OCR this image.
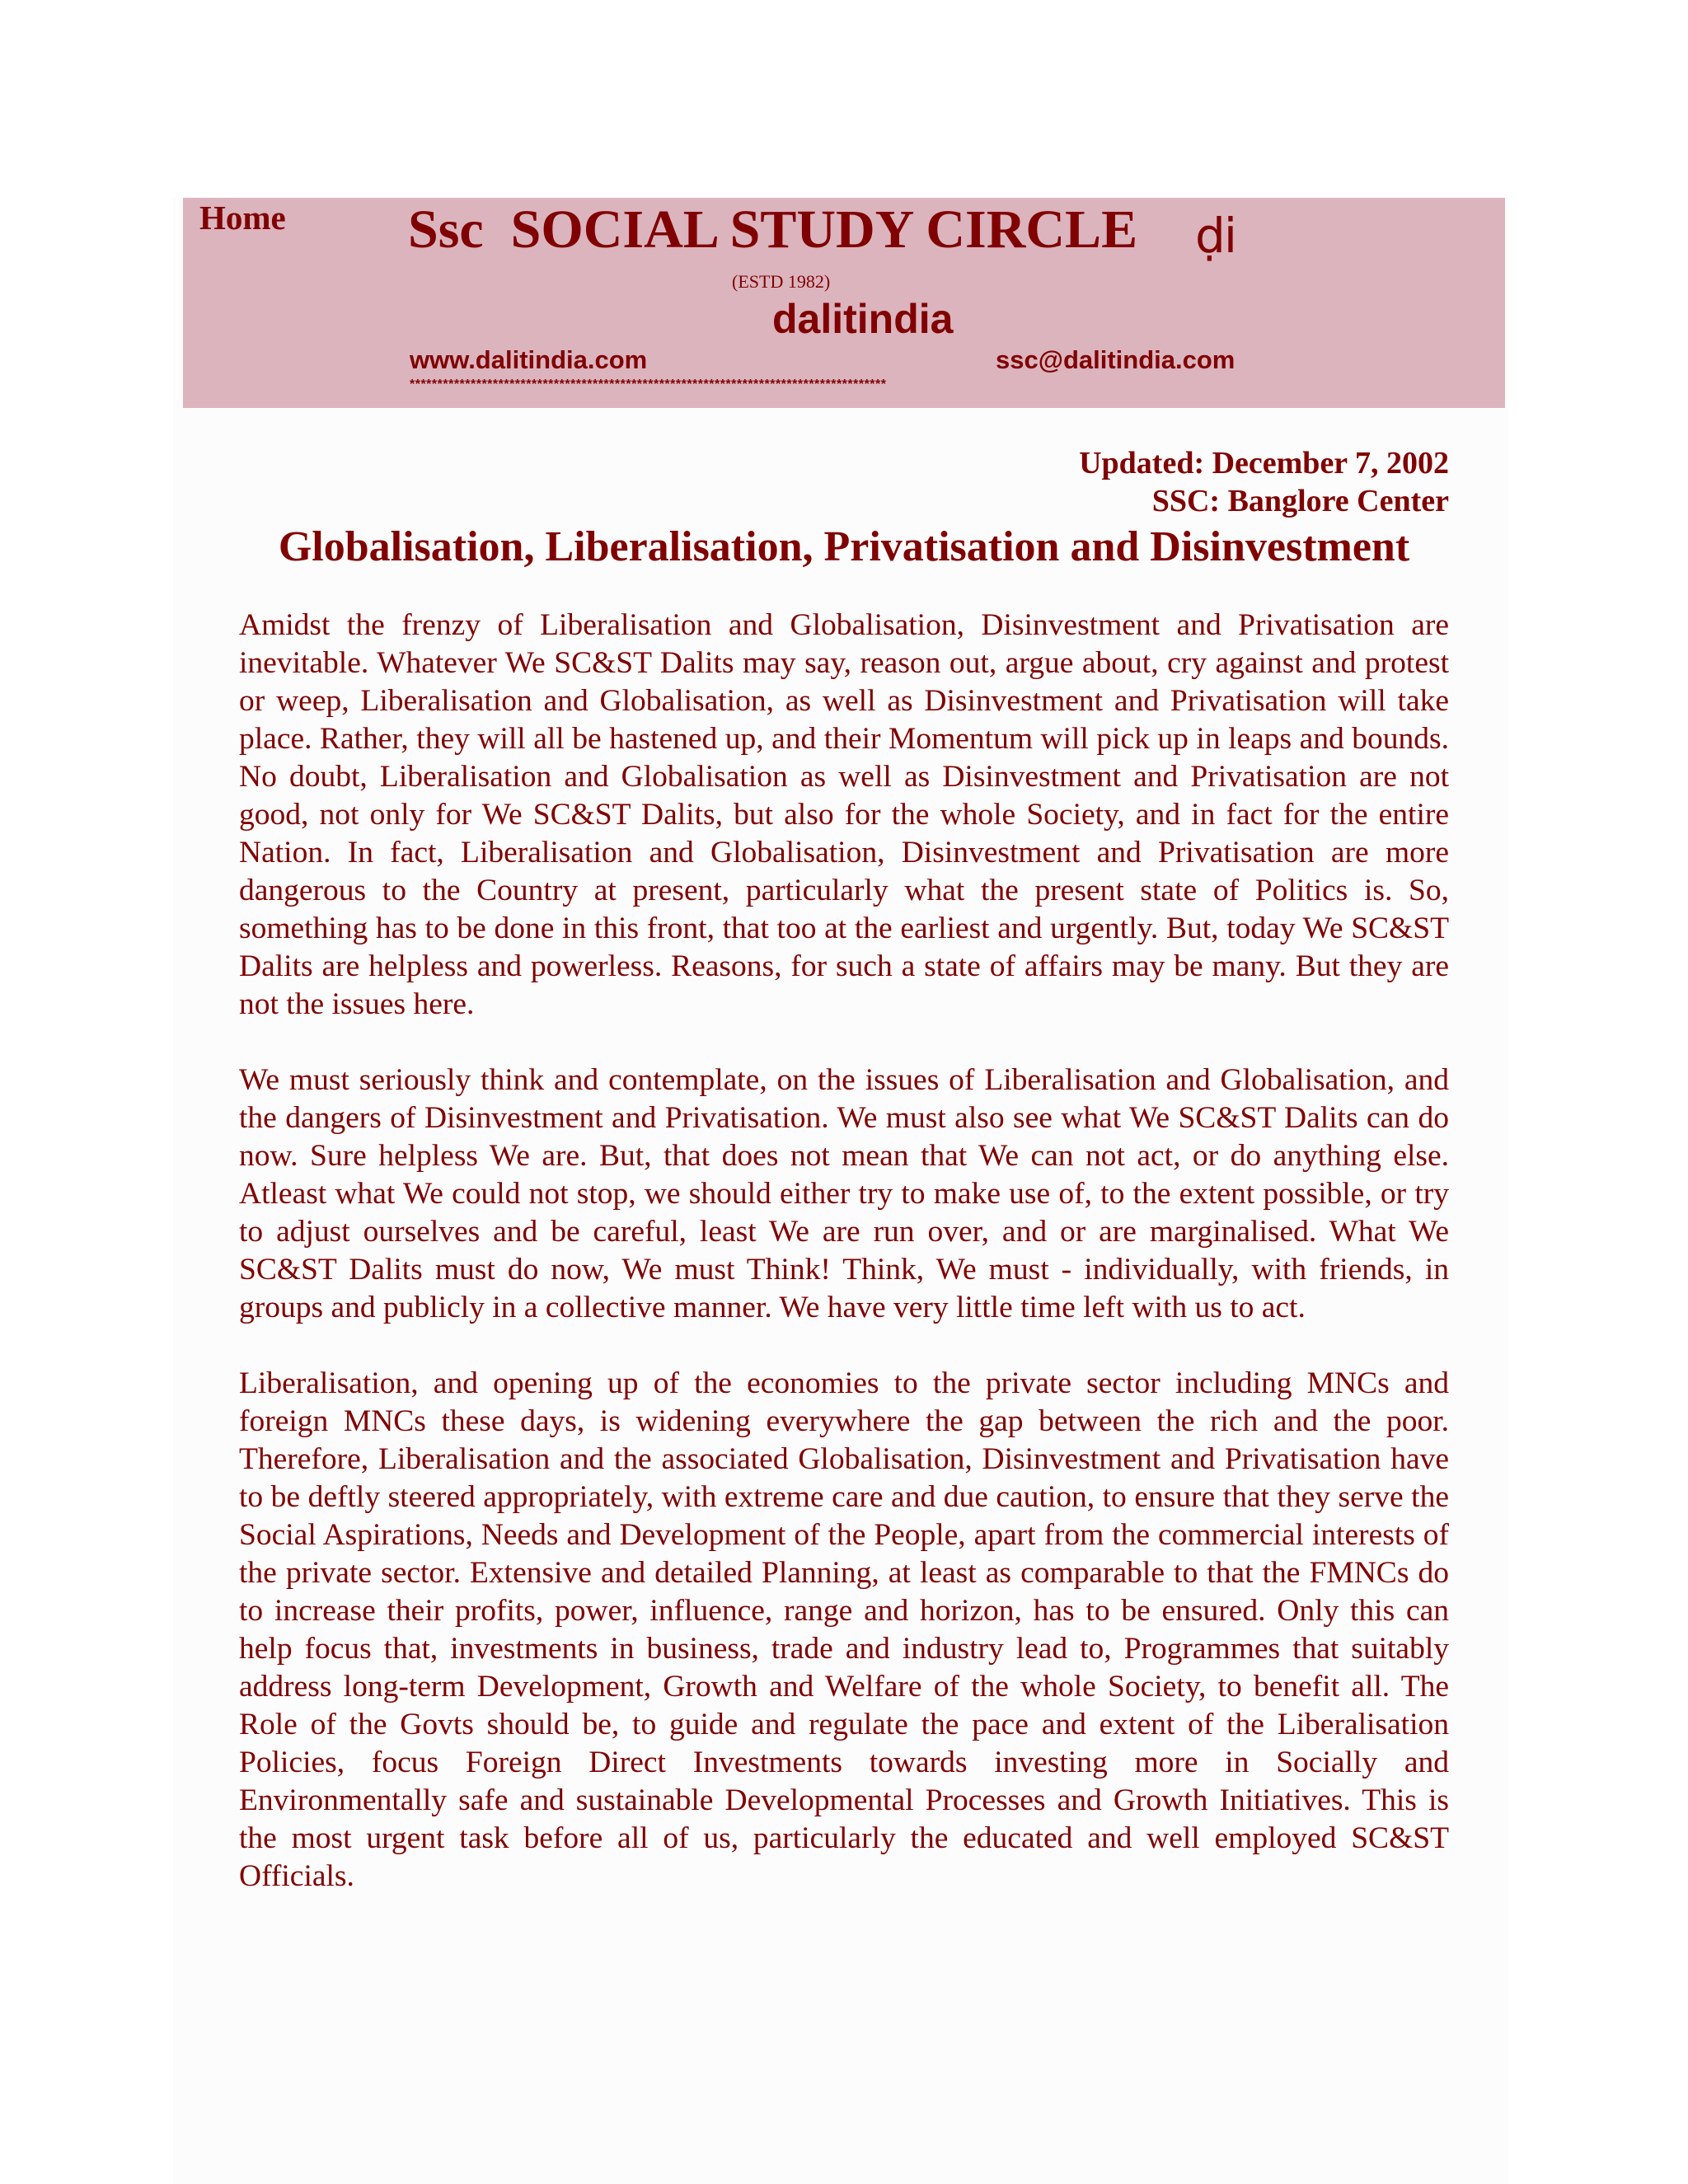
Home Ssc  SOCIAL STUDY CIRCLE ḍi
(ESTD 1982)
dalitindia
www.dalitindia.com	ssc@dalitindia.com
**************************************************************************************
Updated: December 7, 2002
SSC: Banglore Center
Globalisation, Liberalisation, Privatisation and Disinvestment

Amidst the frenzy of Liberalisation and Globalisation, Disinvestment and Privatisation are inevitable. Whatever We SC&ST Dalits may say, reason out, argue about, cry against and protest or weep, Liberalisation and Globalisation, as well as Disinvestment and Privatisation will take place. Rather, they will all be hastened up, and their Momentum will pick up in leaps and bounds. No doubt, Liberalisation and Globalisation as well as Disinvestment and Privatisation are not good, not only for We SC&ST Dalits, but also for the whole Society, and in fact for the entire Nation. In fact, Liberalisation and Globalisation, Disinvestment and Privatisation are more dangerous to the Country at present, particularly what the present state of Politics is. So, something has to be done in this front, that too at the earliest and urgently. But, today We SC&ST Dalits are helpless and powerless. Reasons, for such a state of affairs may be many. But they are not the issues here.

We must seriously think and contemplate, on the issues of Liberalisation and Globalisation, and the dangers of Disinvestment and Privatisation. We must also see what We SC&ST Dalits can do now. Sure helpless We are. But, that does not mean that We can not act, or do anything else. Atleast what We could not stop, we should either try to make use of, to the extent possible, or try to adjust ourselves and be careful, least We are run over, and or are marginalised. What We SC&ST Dalits must do now, We must Think! Think, We must - individually, with friends, in groups and publicly in a collective manner. We have very little time left with us to act.

Liberalisation, and opening up of the economies to the private sector including MNCs and foreign MNCs these days, is widening everywhere the gap between the rich and the poor. Therefore, Liberalisation and the associated Globalisation, Disinvestment and Privatisation have to be deftly steered appropriately, with extreme care and due caution, to ensure that they serve the Social Aspirations, Needs and Development of the People, apart from the commercial interests of the private sector. Extensive and detailed Planning, at least as comparable to that the FMNCs do to increase their profits, power, influence, range and horizon, has to be ensured. Only this can help focus that, investments in business, trade and industry lead to, Programmes that suitably address long-term Development, Growth and Welfare of the whole Society, to benefit all. The Role of the Govts should be, to guide and regulate the pace and extent of the Liberalisation Policies, focus Foreign Direct Investments towards investing more in Socially and Environmentally safe and sustainable Developmental Processes and Growth Initiatives. This is the most urgent task before all of us, particularly the educated and well employed SC&ST Officials.
